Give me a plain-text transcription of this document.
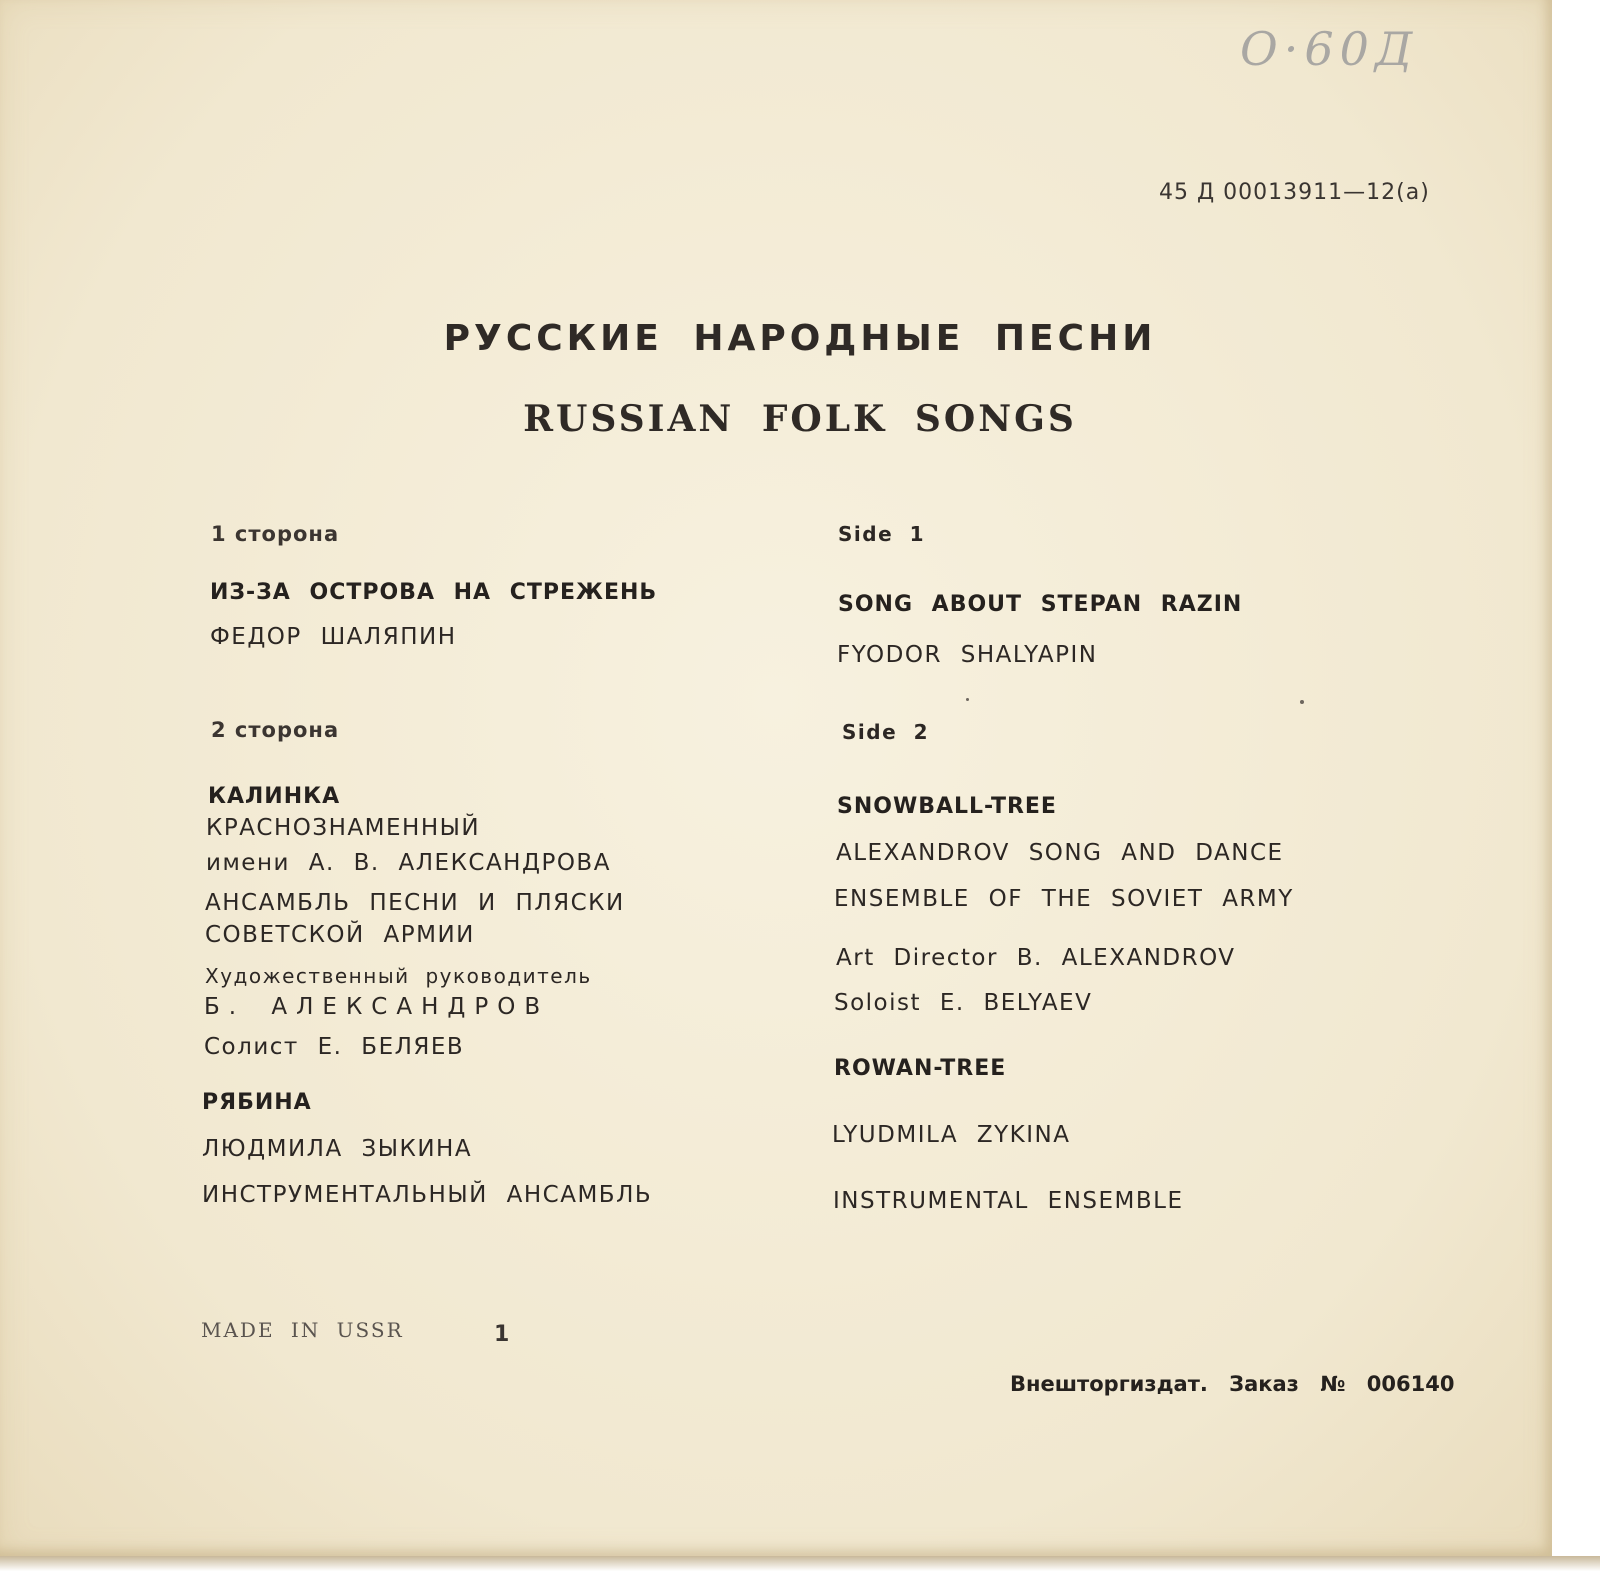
О·60Д
45 Д 00013911—12(а)
РУССКИЕ НАРОДНЫЕ ПЕСНИ
RUSSIAN FOLK SONGS
1 сторона
ИЗ-ЗА ОСТРОВА НА СТРЕЖЕНЬ
ФЕДОР ШАЛЯПИН
2 сторона
КАЛИНКА
КРАСНОЗНАМЕННЫЙ
имени А. В. АЛЕКСАНДРОВА
АНСАМБЛЬ ПЕСНИ И ПЛЯСКИ
СОВЕТСКОЙ АРМИИ
Художественный руководитель
Б. АЛЕКСАНДРОВ
Солист Е. БЕЛЯЕВ
РЯБИНА
ЛЮДМИЛА ЗЫКИНА
ИНСТРУМЕНТАЛЬНЫЙ АНСАМБЛЬ
Side 1
SONG ABOUT STEPAN RAZIN
FYODOR SHALYAPIN
Side 2
SNOWBALL-TREE
ALEXANDROV SONG AND DANCE
ENSEMBLE OF THE SOVIET ARMY
Art Director B. ALEXANDROV
Soloist E. BELYAEV
ROWAN-TREE
LYUDMILA ZYKINA
INSTRUMENTAL ENSEMBLE
MADE IN USSR	1
Внешторгиздат. Заказ № 006140
